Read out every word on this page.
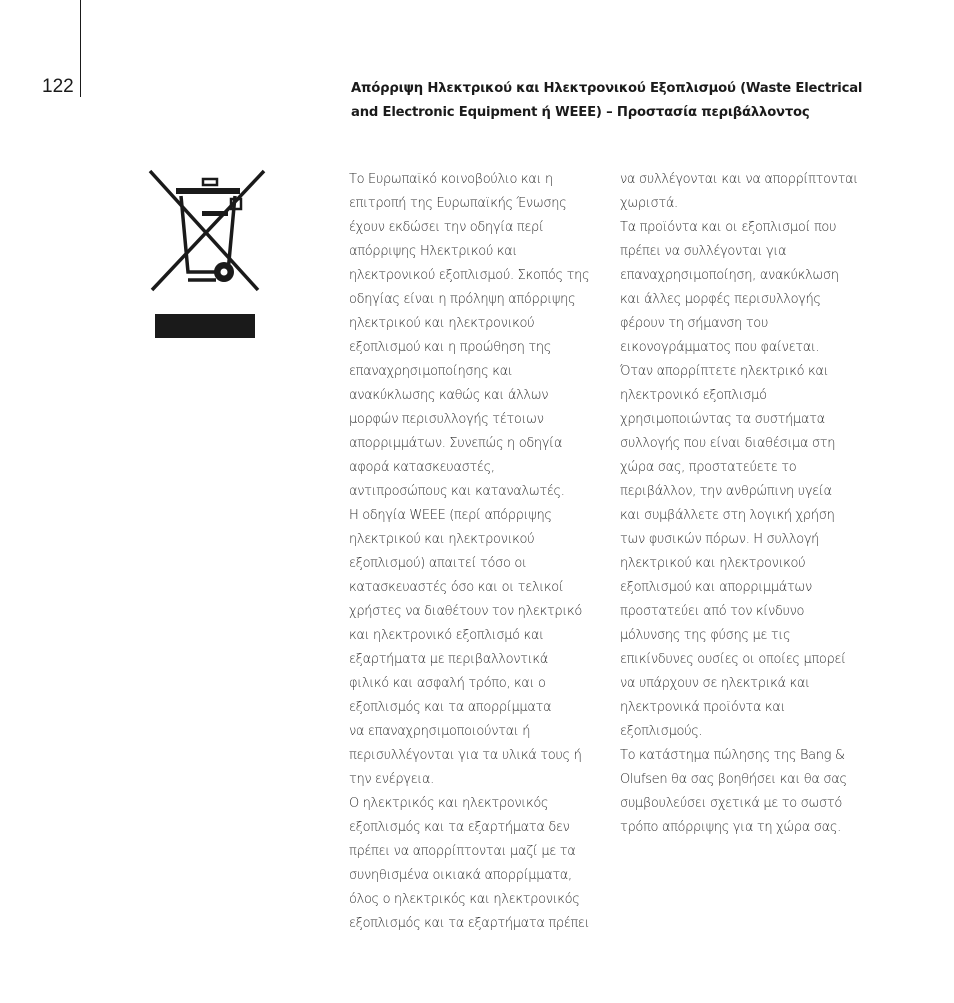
122	Απόρριψη Ηλεκτρικού και Ηλεκτρονικού Εξοπλισμού (Waste Electrical
and Electronic Equipment ή WEEE) – Προστασία περιβάλλοντος
Το Ευρωπαϊκό κοινοβούλιο και η
επιτροπή της Ευρωπαϊκής Ένωσης
έχουν εκδώσει την οδηγία περί
απόρριψης Ηλεκτρικού και
ηλεκτρονικού εξοπλισμού. Σκοπός της
οδηγίας είναι η πρόληψη απόρριψης
ηλεκτρικού και ηλεκτρονικού
εξοπλισμού και η προώθηση της
επαναχρησιμοποίησης και
ανακύκλωσης καθώς και άλλων
μορφών περισυλλογής τέτοιων
απορριμμάτων. Συνεπώς η οδηγία
αφορά κατασκευαστές,
αντιπροσώπους και καταναλωτές.
Η οδηγία WEEE (περί απόρριψης
ηλεκτρικού και ηλεκτρονικού
εξοπλισμού) απαιτεί τόσο οι
κατασκευαστές όσο και οι τελικοί
χρήστες να διαθέτουν τον ηλεκτρικό
και ηλεκτρονικό εξοπλισμό και
εξαρτήματα με περιβαλλοντικά
φιλικό και ασφαλή τρόπο, και ο
εξοπλισμός και τα απορρίμματα
να επαναχρησιμοποιούνται ή
περισυλλέγονται για τα υλικά τους ή
την ενέργεια.
Ο ηλεκτρικός και ηλεκτρονικός
εξοπλισμός και τα εξαρτήματα δεν
πρέπει να απορρίπτονται μαζί με τα
συνηθισμένα οικιακά απορρίμματα,
όλος ο ηλεκτρικός και ηλεκτρονικός
εξοπλισμός και τα εξαρτήματα πρέπει
να συλλέγονται και να απορρίπτονται
χωριστά.
Τα προϊόντα και οι εξοπλισμοί που
πρέπει να συλλέγονται για
επαναχρησιμοποίηση, ανακύκλωση
και άλλες μορφές περισυλλογής
φέρουν τη σήμανση του
εικονογράμματος που φαίνεται.
Όταν απορρίπτετε ηλεκτρικό και
ηλεκτρονικό εξοπλισμό
χρησιμοποιώντας τα συστήματα
συλλογής που είναι διαθέσιμα στη
χώρα σας, προστατεύετε το
περιβάλλον, την ανθρώπινη υγεία
και συμβάλλετε στη λογική χρήση
των φυσικών πόρων. Η συλλογή
ηλεκτρικού και ηλεκτρονικού
εξοπλισμού και απορριμμάτων
προστατεύει από τον κίνδυνο
μόλυνσης της φύσης με τις
επικίνδυνες ουσίες οι οποίες μπορεί
να υπάρχουν σε ηλεκτρικά και
ηλεκτρονικά προϊόντα και
εξοπλισμούς.
Το κατάστημα πώλησης της Bang &
Olufsen θα σας βοηθήσει και θα σας
συμβουλεύσει σχετικά με το σωστό
τρόπο απόρριψης για τη χώρα σας.
